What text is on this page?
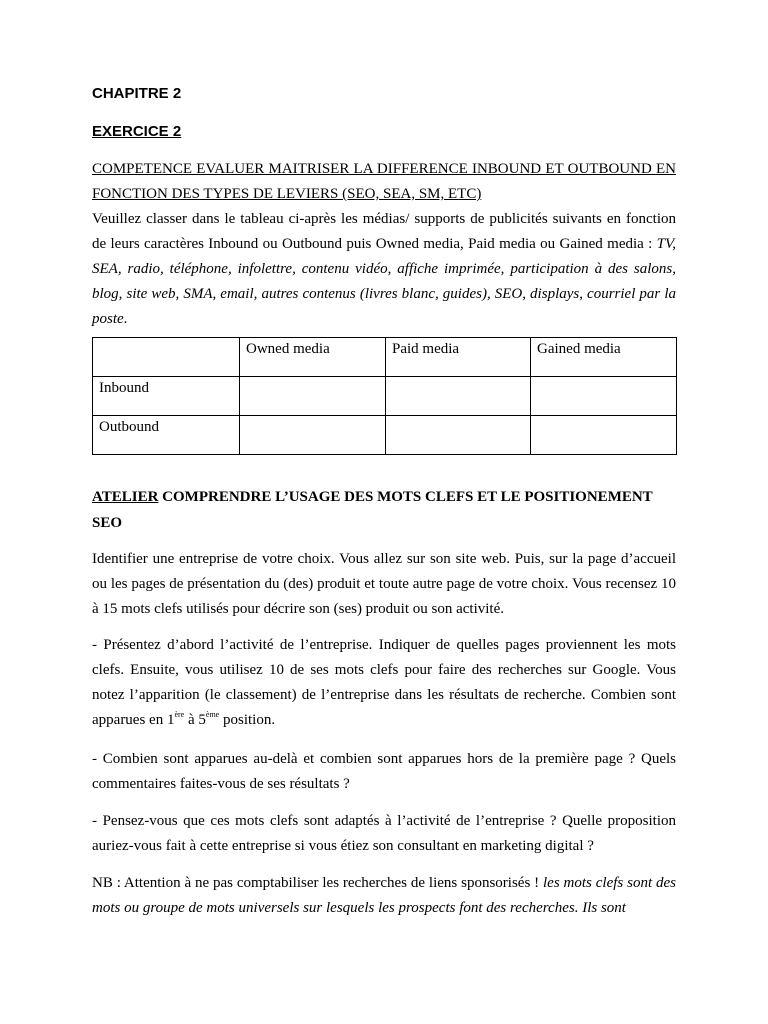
CHAPITRE 2
EXERCICE 2
COMPETENCE EVALUER MAITRISER LA DIFFERENCE INBOUND ET OUTBOUND EN FONCTION DES TYPES DE LEVIERS (SEO, SEA, SM, ETC)
Veuillez classer dans le tableau ci-après les médias/ supports de publicités suivants en fonction de leurs caractères Inbound ou Outbound puis Owned media, Paid media ou Gained media : TV, SEA, radio, téléphone, infolettre, contenu vidéo, affiche imprimée, participation à des salons, blog, site web, SMA, email, autres contenus (livres blanc, guides), SEO, displays, courriel par la poste.
	Owned media	Paid media	Gained media
Inbound			
Outbound			
ATELIER COMPRENDRE L’USAGE DES MOTS CLEFS ET LE POSITIONEMENT SEO
Identifier une entreprise de votre choix. Vous allez sur son site web. Puis, sur la page d’accueil ou les pages de présentation du (des) produit et toute autre page de votre choix. Vous recensez 10 à 15 mots clefs utilisés pour décrire son (ses) produit ou son activité.
- Présentez d’abord l’activité de l’entreprise. Indiquer de quelles pages proviennent les mots clefs. Ensuite, vous utilisez 10 de ses mots clefs pour faire des recherches sur Google. Vous notez l’apparition (le classement) de l’entreprise dans les résultats de recherche. Combien sont apparues en 1ère à 5ème position.
- Combien sont apparues au-delà et combien sont apparues hors de la première page ? Quels commentaires faites-vous de ses résultats ?
- Pensez-vous que ces mots clefs sont adaptés à l’activité de l’entreprise ? Quelle proposition auriez-vous fait à cette entreprise si vous étiez son consultant en marketing digital ?
NB : Attention à ne pas comptabiliser les recherches de liens sponsorisés ! les mots clefs sont des mots ou groupe de mots universels sur lesquels les prospects font des recherches. Ils sont
